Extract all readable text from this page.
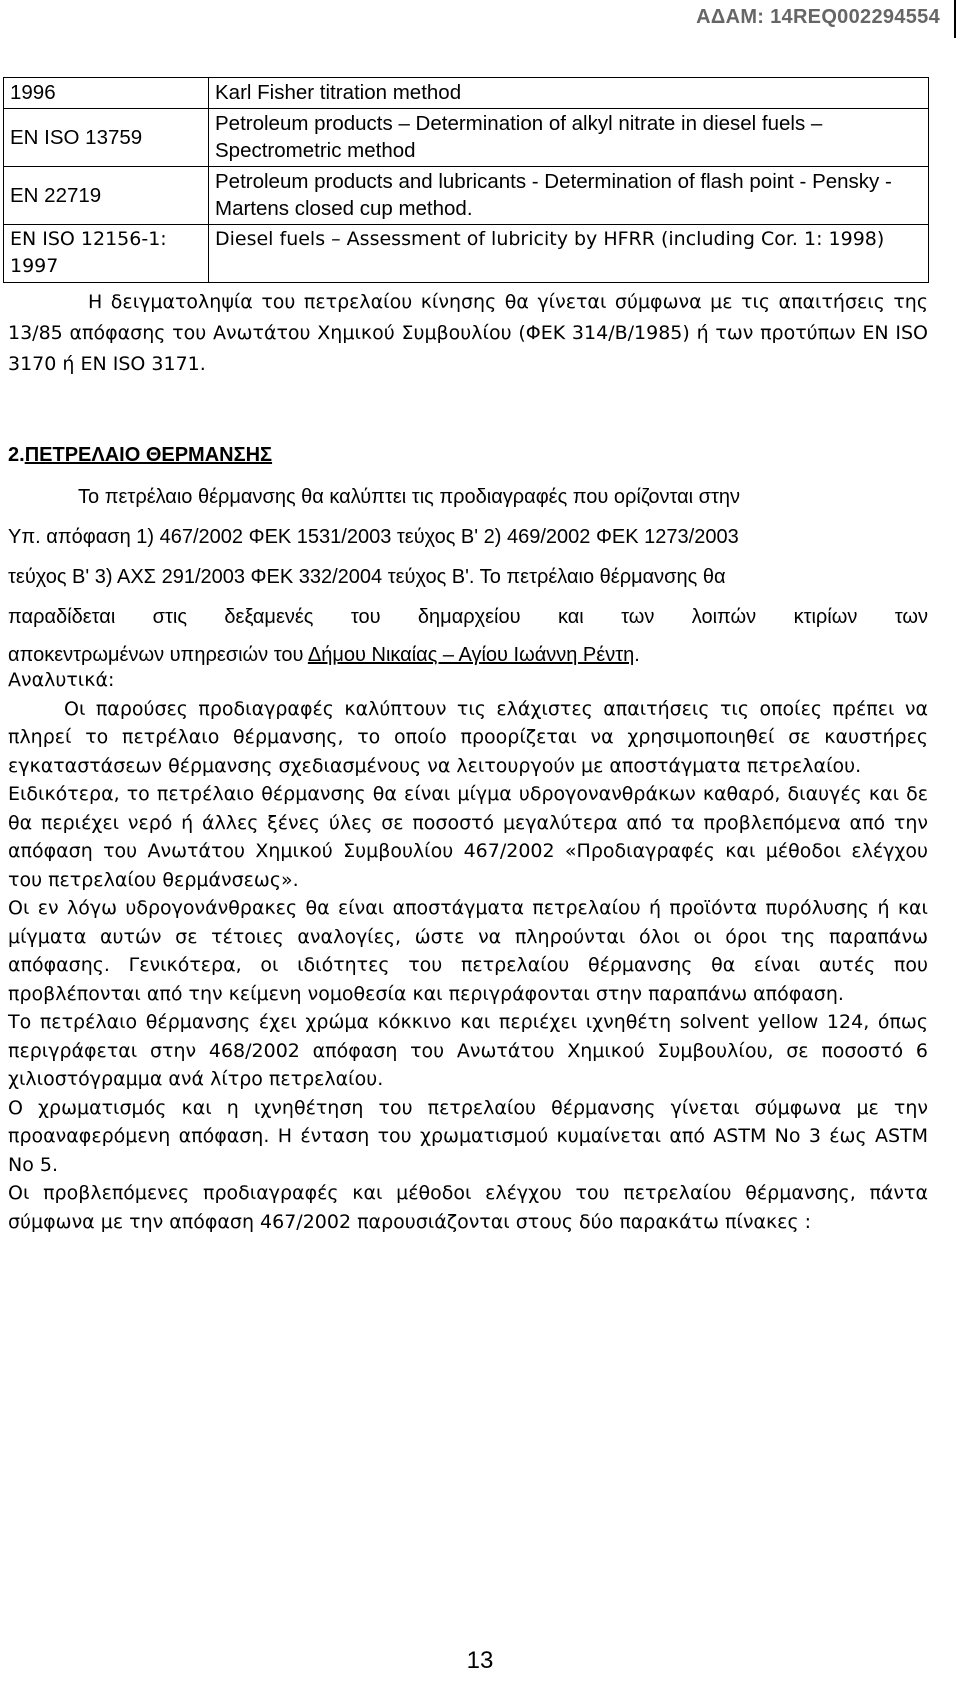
ΑΔΑΜ: 14REQ002294554
1996	Karl Fisher titration method
EN ISO 13759	Petroleum products – Determination of alkyl nitrate in diesel fuels – Spectrometric method
EN 22719	Petroleum products and lubricants - Determination of flash point - Pensky - Martens closed cup method.
EN ISO 12156-1: 1997	Diesel fuels – Assessment of lubricity by HFRR (including Cor. 1: 1998)
Η δειγματοληψία του πετρελαίου κίνησης θα γίνεται σύμφωνα με τις απαιτήσεις της 13/85 απόφασης του Ανωτάτου Χημικού Συμβουλίου (ΦΕΚ 314/Β/1985) ή των προτύπων EN ISO 3170 ή EN ISO 3171.
2.ΠΕΤΡΕΛΑΙΟ ΘΕΡΜΑΝΣΗΣ
Το πετρέλαιο θέρμανσης θα καλύπτει τις προδιαγραφές που ορίζονται στην
Υπ. απόφαση 1) 467/2002 ΦΕΚ 1531/2003 τεύχος Β' 2) 469/2002 ΦΕΚ 1273/2003
τεύχος Β' 3) ΑΧΣ 291/2003 ΦΕΚ 332/2004 τεύχος Β'. Το πετρέλαιο θέρμανσης θα
παραδίδεται στις δεξαμενές του δημαρχείου και των λοιπών κτιρίων των
αποκεντρωμένων υπηρεσιών του Δήμου Νικαίας – Αγίου Ιωάννη Ρέντη.

Αναλυτικά:

Οι παρούσες προδιαγραφές καλύπτουν τις ελάχιστες απαιτήσεις τις οποίες πρέπει να πληρεί το πετρέλαιο θέρμανσης, το οποίο προορίζεται να χρησιμοποιηθεί σε καυστήρες εγκαταστάσεων θέρμανσης σχεδιασμένους να λειτουργούν με αποστάγματα πετρελαίου.

Ειδικότερα, το πετρέλαιο θέρμανσης θα είναι μίγμα υδρογονανθράκων καθαρό, διαυγές και δε θα περιέχει νερό ή άλλες ξένες ύλες σε ποσοστό μεγαλύτερα από τα προβλεπόμενα από την απόφαση του Ανωτάτου Χημικού Συμβουλίου 467/2002 «Προδιαγραφές και μέθοδοι ελέγχου του πετρελαίου θερμάνσεως».

Οι εν λόγω υδρογονάνθρακες θα είναι αποστάγματα πετρελαίου ή προϊόντα πυρόλυσης ή και μίγματα αυτών σε τέτοιες αναλογίες, ώστε να πληρούνται όλοι οι όροι της παραπάνω απόφασης. Γενικότερα, οι ιδιότητες του πετρελαίου θέρμανσης θα είναι αυτές που προβλέπονται από την κείμενη νομοθεσία και περιγράφονται στην παραπάνω απόφαση.

Το πετρέλαιο θέρμανσης έχει χρώμα κόκκινο και περιέχει ιχνηθέτη solvent yellow 124, όπως περιγράφεται στην 468/2002 απόφαση του Ανωτάτου Χημικού Συμβουλίου, σε ποσοστό 6 χιλιοστόγραμμα ανά λίτρο πετρελαίου.

Ο χρωματισμός και η ιχνηθέτηση του πετρελαίου θέρμανσης γίνεται σύμφωνα με την προαναφερόμενη απόφαση. Η ένταση του χρωματισμού κυμαίνεται από ASTM No 3 έως ASTM No 5.

Οι προβλεπόμενες προδιαγραφές και μέθοδοι ελέγχου του πετρελαίου θέρμανσης, πάντα σύμφωνα με την απόφαση 467/2002 παρουσιάζονται στους δύο παρακάτω πίνακες :

13
